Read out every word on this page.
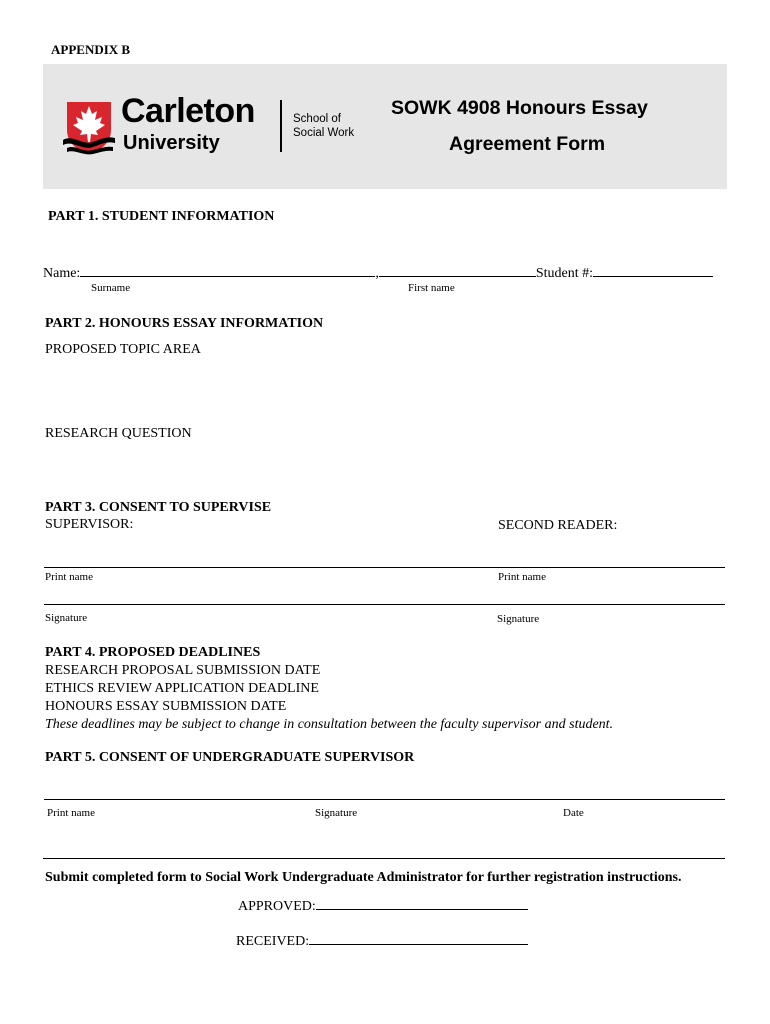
APPENDIX B
Carleton
University
School of
Social Work
SOWK 4908 Honours Essay
Agreement Form
PART 1. STUDENT INFORMATION
Name:	,	Student #:
Surname	First name
PART 2. HONOURS ESSAY INFORMATION
PROPOSED TOPIC AREA
RESEARCH QUESTION
PART 3. CONSENT TO SUPERVISE
SUPERVISOR:	SECOND READER:
Print name	Print name
Signature	Signature
PART 4. PROPOSED DEADLINES
RESEARCH PROPOSAL SUBMISSION DATE
ETHICS REVIEW APPLICATION DEADLINE
HONOURS ESSAY SUBMISSION DATE
These deadlines may be subject to change in consultation between the faculty supervisor and student.
PART 5. CONSENT OF UNDERGRADUATE SUPERVISOR
Print name	Signature	Date
Submit completed form to Social Work Undergraduate Administrator for further registration instructions.
APPROVED:
RECEIVED:
